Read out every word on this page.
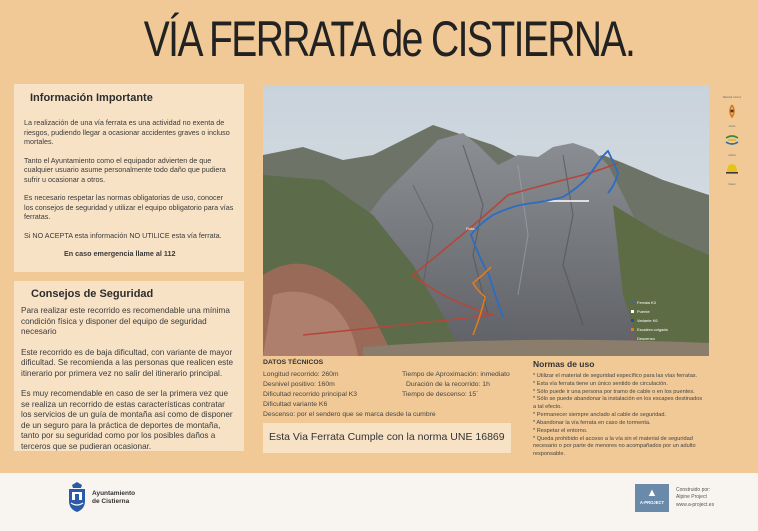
VÍA FERRATA de CISTIERNA.
Información Importante

La realización de una vía ferrata es una actividad no exenta de riesgos, pudiendo llegar a ocasionar accidentes graves o incluso mortales.

Tanto el Ayuntamiento como el equipador advierten de que cualquier usuario asume personalmente todo daño que pudiera sufrir u ocasionar a otros.

Es necesario respetar las normas obligatorias de uso, conocer los consejos de seguridad y utilizar el equipo obligatorio para vías ferratas.

Si NO ACEPTA esta información NO UTILICE esta vía ferrata.

En caso emergencia llame al 112

Consejos de Seguridad

Para realizar este recorrido es recomendable una mínima condición física y disponer del equipo de seguridad necesario

Este recorrido es de baja dificultad, con variante de mayor dificultad. Se recomienda a las personas que realicen este itinerario por primera vez no salir del itinerario principal.

Es muy recomendable en caso de ser la primera vez que se realiza un recorrido de estas características contratar los servicios de un guía de montaña así como de disponer de un seguro para la práctica de deportes de montaña, tanto por su seguridad como por los posibles daños a terceros que se pudieran ocasionar.

Ferrata K3
Puente
Variante K6
Escalera colgada
Descenso
Ruta
Material mínimo
Arnés
Cabos
Casco
DATOS TÉCNICOS
Longitud recorrido: 260m
Desnivel positivo: 160m
Dificultad recorrido principal K3
Dificultad variante K6
Descenso: por el sendero que se marca desde la cumbre
Tiempo de Aproximación: inmediato
Duración de la recorrido: 1h
Tiempo de descenso: 15´
Esta Via Ferrata Cumple con la norma UNE 16869
Normas de uso
* Utilizar el material de seguridad específico para las vías ferratas.
* Esta vía ferrata tiene un único sentido de circulación.
* Sólo puede ir una persona por tramo de cable o en los puentes.
* Sólo se puede abandonar la instalación en los escapes destinados
a tal efecto.
* Permanecer siempre anclado al cable de seguridad.
* Abandonar la vía ferrata en caso de tormenta.
* Respetar el entorno.
* Queda prohibido el acceso a la vía sin el material de seguridad
necesario o por parte de menores no acompañados por un adulto
responsable.
Ayuntamiento
de Cistierna
▲
A-PROJECT
Construido por:
Alpine Project
www.a-project.es
